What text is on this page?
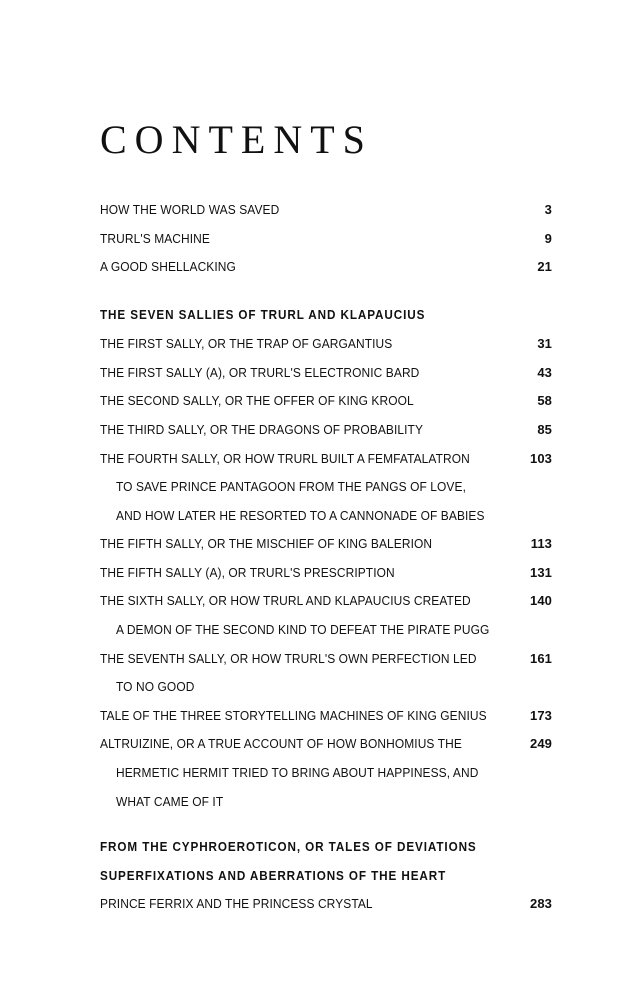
CONTENTS
HOW THE WORLD WAS SAVED	3
TRURL'S MACHINE	9
A GOOD SHELLACKING	21
THE SEVEN SALLIES OF TRURL AND KLAPAUCIUS
THE FIRST SALLY, OR THE TRAP OF GARGANTIUS	31
THE FIRST SALLY (A), OR TRURL'S ELECTRONIC BARD	43
THE SECOND SALLY, OR THE OFFER OF KING KROOL	58
THE THIRD SALLY, OR THE DRAGONS OF PROBABILITY	85
THE FOURTH SALLY, OR HOW TRURL BUILT A FEMFATALATRON	103
TO SAVE PRINCE PANTAGOON FROM THE PANGS OF LOVE,
AND HOW LATER HE RESORTED TO A CANNONADE OF BABIES
THE FIFTH SALLY, OR THE MISCHIEF OF KING BALERION	113
THE FIFTH SALLY (A), OR TRURL'S PRESCRIPTION	131
THE SIXTH SALLY, OR HOW TRURL AND KLAPAUCIUS CREATED	140
A DEMON OF THE SECOND KIND TO DEFEAT THE PIRATE PUGG
THE SEVENTH SALLY, OR HOW TRURL'S OWN PERFECTION LED	161
TO NO GOOD
TALE OF THE THREE STORYTELLING MACHINES OF KING GENIUS	173
ALTRUIZINE, OR A TRUE ACCOUNT OF HOW BONHOMIUS THE	249
HERMETIC HERMIT TRIED TO BRING ABOUT HAPPINESS, AND
WHAT CAME OF IT
FROM THE CYPHROEROTICON, OR TALES OF DEVIATIONS
SUPERFIXATIONS AND ABERRATIONS OF THE HEART
PRINCE FERRIX AND THE PRINCESS CRYSTAL	283
